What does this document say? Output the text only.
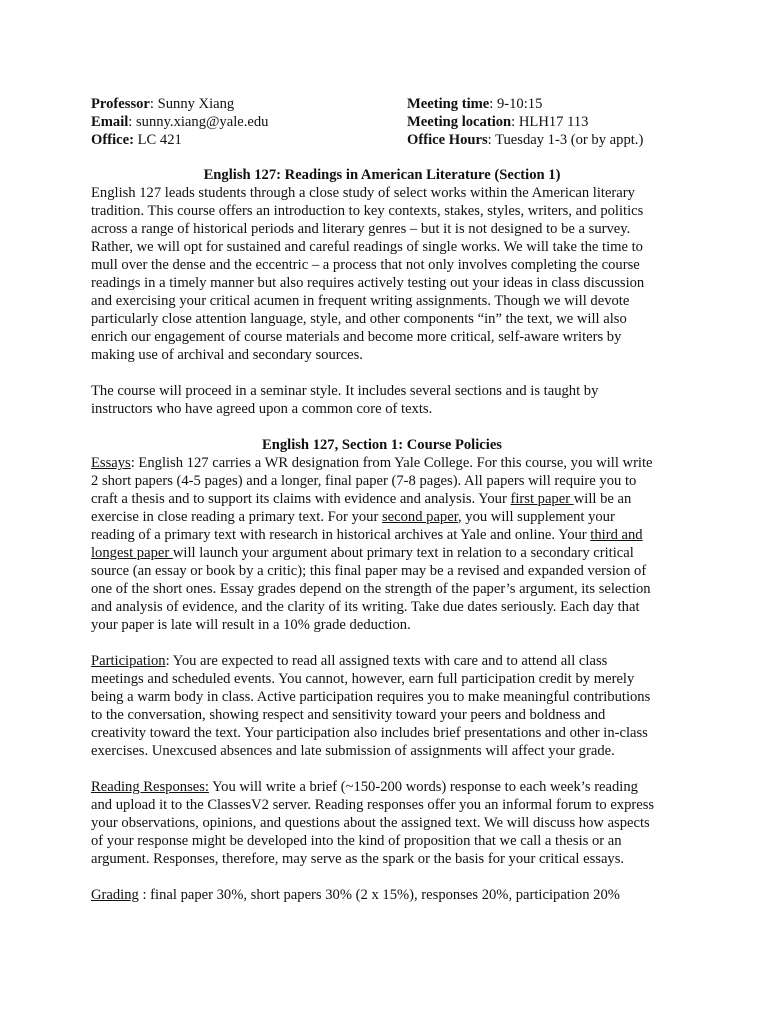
Professor: Sunny Xiang	Meeting time: 9-10:15
Email: sunny.xiang@yale.edu	Meeting location: HLH17 113
Office: LC 421	Office Hours: Tuesday 1-3 (or by appt.)
English 127: Readings in American Literature (Section 1)

English 127 leads students through a close study of select works within the American literary
tradition. This course offers an introduction to key contexts, stakes, styles, writers, and politics
across a range of historical periods and literary genres – but it is not designed to be a survey.
Rather, we will opt for sustained and careful readings of single works. We will take the time to
mull over the dense and the eccentric – a process that not only involves completing the course
readings in a timely manner but also requires actively testing out your ideas in class discussion
and exercising your critical acumen in frequent writing assignments. Though we will devote
particularly close attention language, style, and other components “in” the text, we will also
enrich our engagement of course materials and become more critical, self-aware writers by
making use of archival and secondary sources.

The course will proceed in a seminar style. It includes several sections and is taught by
instructors who have agreed upon a common core of texts.

English 127, Section 1: Course Policies

Essays: English 127 carries a WR designation from Yale College. For this course, you will write
2 short papers (4-5 pages) and a longer, final paper (7-8 pages). All papers will require you to
craft a thesis and to support its claims with evidence and analysis. Your first paper will be an
exercise in close reading a primary text. For your second paper, you will supplement your
reading of a primary text with research in historical archives at Yale and online. Your third and
longest paper will launch your argument about primary text in relation to a secondary critical
source (an essay or book by a critic); this final paper may be a revised and expanded version of
one of the short ones. Essay grades depend on the strength of the paper’s argument, its selection
and analysis of evidence, and the clarity of its writing. Take due dates seriously. Each day that
your paper is late will result in a 10% grade deduction.

Participation: You are expected to read all assigned texts with care and to attend all class
meetings and scheduled events. You cannot, however, earn full participation credit by merely
being a warm body in class. Active participation requires you to make meaningful contributions
to the conversation, showing respect and sensitivity toward your peers and boldness and
creativity toward the text. Your participation also includes brief presentations and other in-class
exercises. Unexcused absences and late submission of assignments will affect your grade.

Reading Responses: You will write a brief (~150-200 words) response to each week’s reading
and upload it to the ClassesV2 server. Reading responses offer you an informal forum to express
your observations, opinions, and questions about the assigned text. We will discuss how aspects
of your response might be developed into the kind of proposition that we call a thesis or an
argument. Responses, therefore, may serve as the spark or the basis for your critical essays.

Grading : final paper 30%, short papers 30% (2 x 15%), responses 20%, participation 20%
